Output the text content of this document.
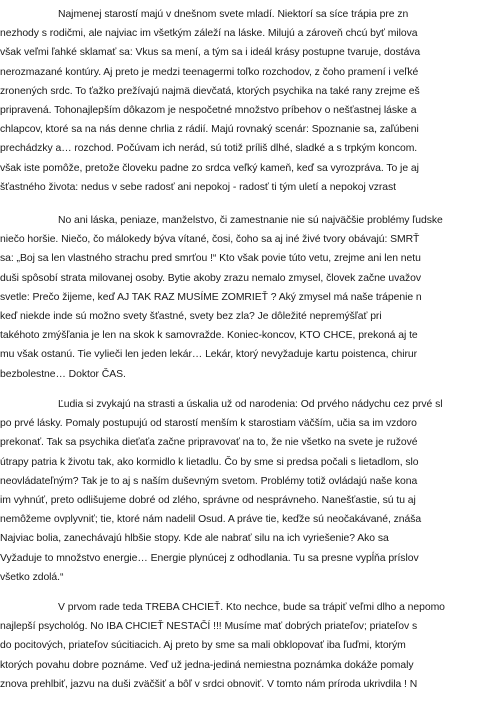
Najmenej starostí majú v dnešnom svete mladí. Niektorí sa síce trápia pre zn
nezhody s rodičmi, ale najviac im všetkým záleží na láske. Milujú a zároveň chcú byť milova
však veľmi ľahké sklamať sa: Vkus sa mení, a tým sa i ideál krásy postupne tvaruje, dostáva
nerozmazané kontúry. Aj preto je medzi teenagermi toľko rozchodov, z čoho pramení i veľké
zronených srdc. To ťažko prežívajú najmä dievčatá, ktorých psychika na také rany zrejme eš
pripravená. Tohonajlepším dôkazom je nespočetné množstvo príbehov o nešťastnej láske a
chlapcov, ktoré sa na nás denne chrlia z rádií. Majú rovnaký scenár: Spoznanie sa, zaľúbeni
prechádzky a… rozchod. Počúvam ich nerád, sú totiž príliš dlhé, sladké a s trpkým koncom.
však iste pomôže, pretože človeku padne zo srdca veľký kameň, keď sa vyrozpráva. To je aj
šťastného života: nedus v sebe radosť ani nepokoj - radosť ti tým uletí a nepokoj vzrast
No ani láska, peniaze, manželstvo, či zamestnanie nie sú najväčšie problémy ľudske
niečo horšie. Niečo, čo málokedy býva vítané, čosi, čoho sa aj iné živé tvory obávajú: SMRŤ
sa: „Boj sa len vlastného strachu pred smrťou !“ Kto však povie túto vetu, zrejme ani len netu
duši spôsobí strata milovanej osoby. Bytie akoby zrazu nemalo zmysel, človek začne uvažov
svetle: Prečo žijeme, keď AJ TAK RAZ MUSÍME ZOMRIEŤ ? Aký zmysel má naše trápenie n
keď niekde inde sú možno svety šťastné, svety bez zla? Je dôležité nepremýšľať pri
takéhoto zmýšľania je len na skok k samovražde. Koniec-koncov, KTO CHCE, prekoná aj te
mu však ostanú. Tie vylieči len jeden lekár… Lekár, ktorý nevyžaduje kartu poistenca, chirur
bezbolestne… Doktor ČAS.
Ľudia si zvykajú na strasti a úskalia už od narodenia: Od prvého nádychu cez prvé sl
po prvé lásky. Pomaly postupujú od starostí menším k starostiam väčším, učia sa im vzdoro
prekonať. Tak sa psychika dieťaťa začne pripravovať na to, že nie všetko na svete je ružové
útrapy patria k životu tak, ako kormidlo k lietadlu. Čo by sme si predsa počali s lietadlom, slo
neovládateľným? Tak je to aj s naším duševným svetom. Problémy totiž ovládajú naše kona
im vyhnúť, preto odlišujeme dobré od zlého, správne od nesprávneho. Nanešťastie, sú tu aj
nemôžeme ovplyvniť; tie, ktoré nám nadelil Osud. A práve tie, keďže sú neočakávané, znáša
Najviac bolia, zanechávajú hlbšie stopy. Kde ale nabrať silu na ich vyriešenie? Ako sa
Vyžaduje to množstvo energie… Energie plynúcej z odhodlania. Tu sa presne vypĺňa príslov
všetko zdolá.“
V prvom rade teda TREBA CHCIEŤ. Kto nechce, bude sa trápiť veľmi dlho a nepomo
najlepší psychológ. No IBA CHCIEŤ NESTAČÍ !!! Musíme mať dobrých priateľov; priateľov s
do pocitových, priateľov súcitiacich. Aj preto by sme sa mali obklopovať iba ľuďmi, ktorým
ktorých povahu dobre poznáme. Veď už jedna-jediná nemiestna poznámka dokáže pomaly
znova prehlbiť, jazvu na duši zväčšiť a bôľ v srdci obnoviť. V tomto nám príroda ukrivdila ! N
